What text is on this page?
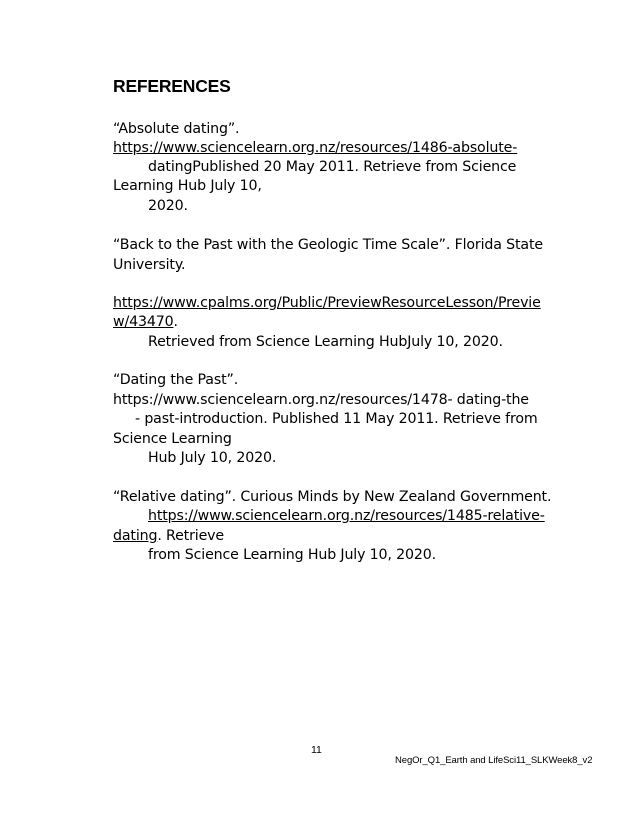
REFERENCES
“Absolute dating”.
https://www.sciencelearn.org.nz/resources/1486-absolute-
datingPublished 20 May 2011. Retrieve from Science
Learning Hub July 10,
2020.
“Back to the Past with the Geologic Time Scale”. Florida State
University.
https://www.cpalms.org/Public/PreviewResourceLesson/Previe
w/43470.
Retrieved from Science Learning HubJuly 10, 2020.
“Dating the Past”.
https://www.sciencelearn.org.nz/resources/1478- dating-the
- past-introduction. Published 11 May 2011. Retrieve from
Science Learning
Hub July 10, 2020.
“Relative dating”. Curious Minds by New Zealand Government.
https://www.sciencelearn.org.nz/resources/1485-relative-
dating. Retrieve
from Science Learning Hub July 10, 2020.
11
NegOr_Q1_Earth and LifeSci11_SLKWeek8_v2
